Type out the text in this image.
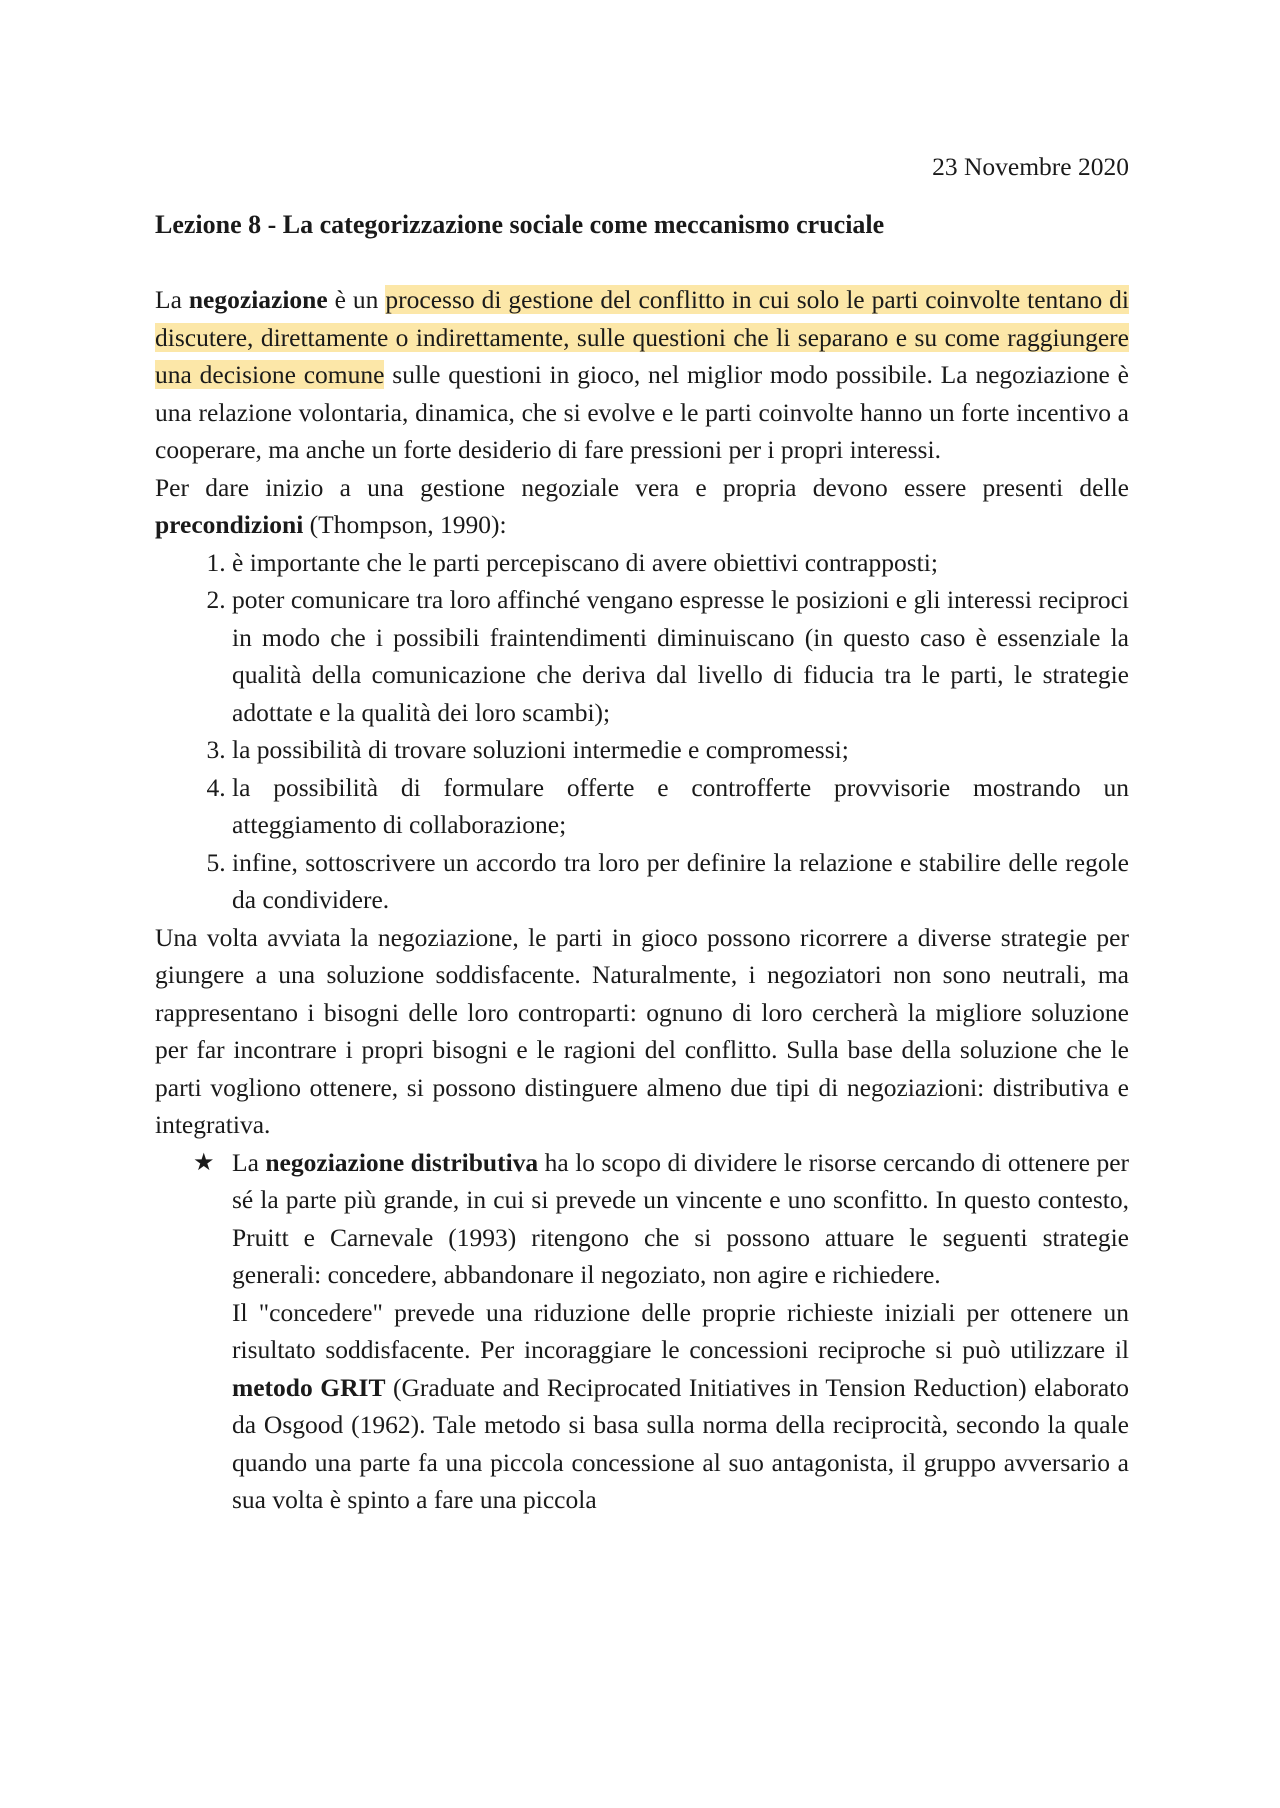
23 Novembre 2020

Lezione 8 - La categorizzazione sociale come meccanismo cruciale

La negoziazione è un processo di gestione del conflitto in cui solo le parti coinvolte tentano di discutere, direttamente o indirettamente, sulle questioni che li separano e su come raggiungere una decisione comune sulle questioni in gioco, nel miglior modo possibile. La negoziazione è una relazione volontaria, dinamica, che si evolve e le parti coinvolte hanno un forte incentivo a cooperare, ma anche un forte desiderio di fare pressioni per i propri interessi.

Per dare inizio a una gestione negoziale vera e propria devono essere presenti delle precondizioni (Thompson, 1990):

1. è importante che le parti percepiscano di avere obiettivi contrapposti;
2. poter comunicare tra loro affinché vengano espresse le posizioni e gli interessi reciproci in modo che i possibili fraintendimenti diminuiscano (in questo caso è essenziale la qualità della comunicazione che deriva dal livello di fiducia tra le parti, le strategie adottate e la qualità dei loro scambi);
3. la possibilità di trovare soluzioni intermedie e compromessi;
4. la possibilità di formulare offerte e controfferte provvisorie mostrando un atteggiamento di collaborazione;
5. infine, sottoscrivere un accordo tra loro per definire la relazione e stabilire delle regole da condividere.

Una volta avviata la negoziazione, le parti in gioco possono ricorrere a diverse strategie per giungere a una soluzione soddisfacente. Naturalmente, i negoziatori non sono neutrali, ma rappresentano i bisogni delle loro controparti: ognuno di loro cercherà la migliore soluzione per far incontrare i propri bisogni e le ragioni del conflitto. Sulla base della soluzione che le parti vogliono ottenere, si possono distinguere almeno due tipi di negoziazioni: distributiva e integrativa.

★ La negoziazione distributiva ha lo scopo di dividere le risorse cercando di ottenere per sé la parte più grande, in cui si prevede un vincente e uno sconfitto. In questo contesto, Pruitt e Carnevale (1993) ritengono che si possono attuare le seguenti strategie generali: concedere, abbandonare il negoziato, non agire e richiedere.

Il "concedere" prevede una riduzione delle proprie richieste iniziali per ottenere un risultato soddisfacente. Per incoraggiare le concessioni reciproche si può utilizzare il metodo GRIT (Graduate and Reciprocated Initiatives in Tension Reduction) elaborato da Osgood (1962). Tale metodo si basa sulla norma della reciprocità, secondo la quale quando una parte fa una piccola concessione al suo antagonista, il gruppo avversario a sua volta è spinto a fare una piccola
